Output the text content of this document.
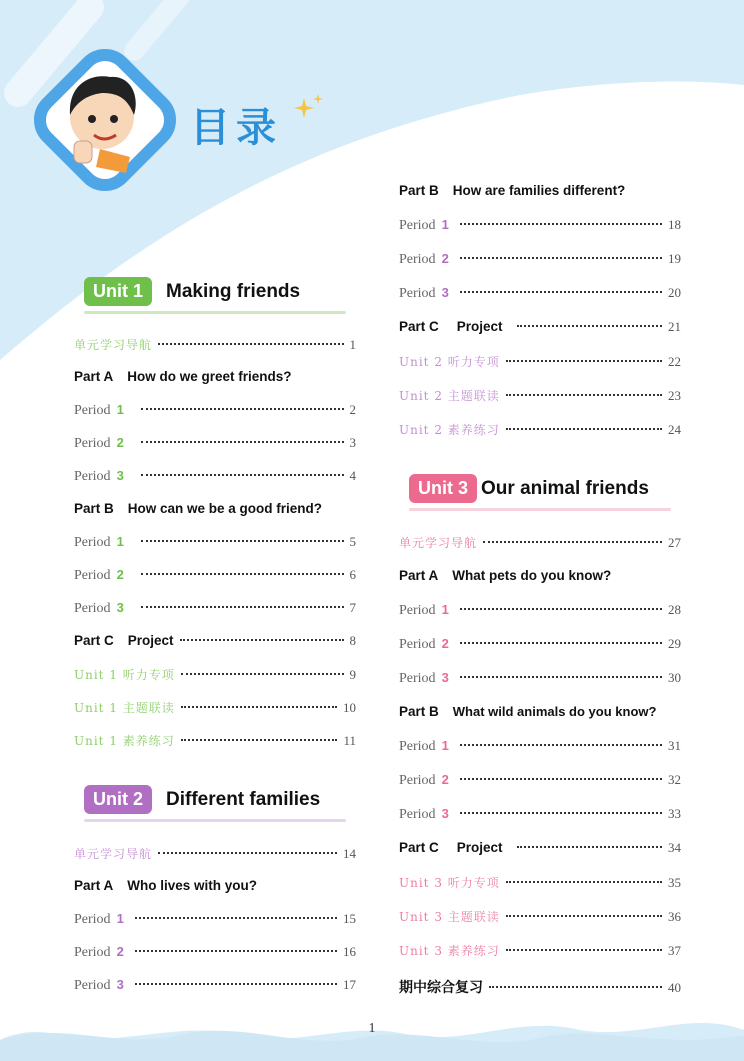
目录
Unit 1	Making friends
单元学习导航	1
Part A How do we greet friends?
Period 1	2
Period 2	3
Period 3	4
Part B How can we be a good friend?
Period 1	5
Period 2	6
Period 3	7
Part C Project	8
Unit 1 听力专项	9
Unit 1 主题联读	10
Unit 1 素养练习	11
Unit 2	Different families
单元学习导航	14
Part A Who lives with you?
Period 1	15
Period 2	16
Period 3	17
Part B How are families different?
Period 1	18
Period 2	19
Period 3	20
Part C Project	21
Unit 2 听力专项	22
Unit 2 主题联读	23
Unit 2 素养练习	24
Unit 3 Our animal friends
单元学习导航	27
Part A What pets do you know?
Period 1	28
Period 2	29
Period 3	30
Part B What wild animals do you know?
Period 1	31
Period 2	32
Period 3	33
Part C Project	34
Unit 3 听力专项	35
Unit 3 主题联读	36
Unit 3 素养练习	37
期中综合复习	40
1
